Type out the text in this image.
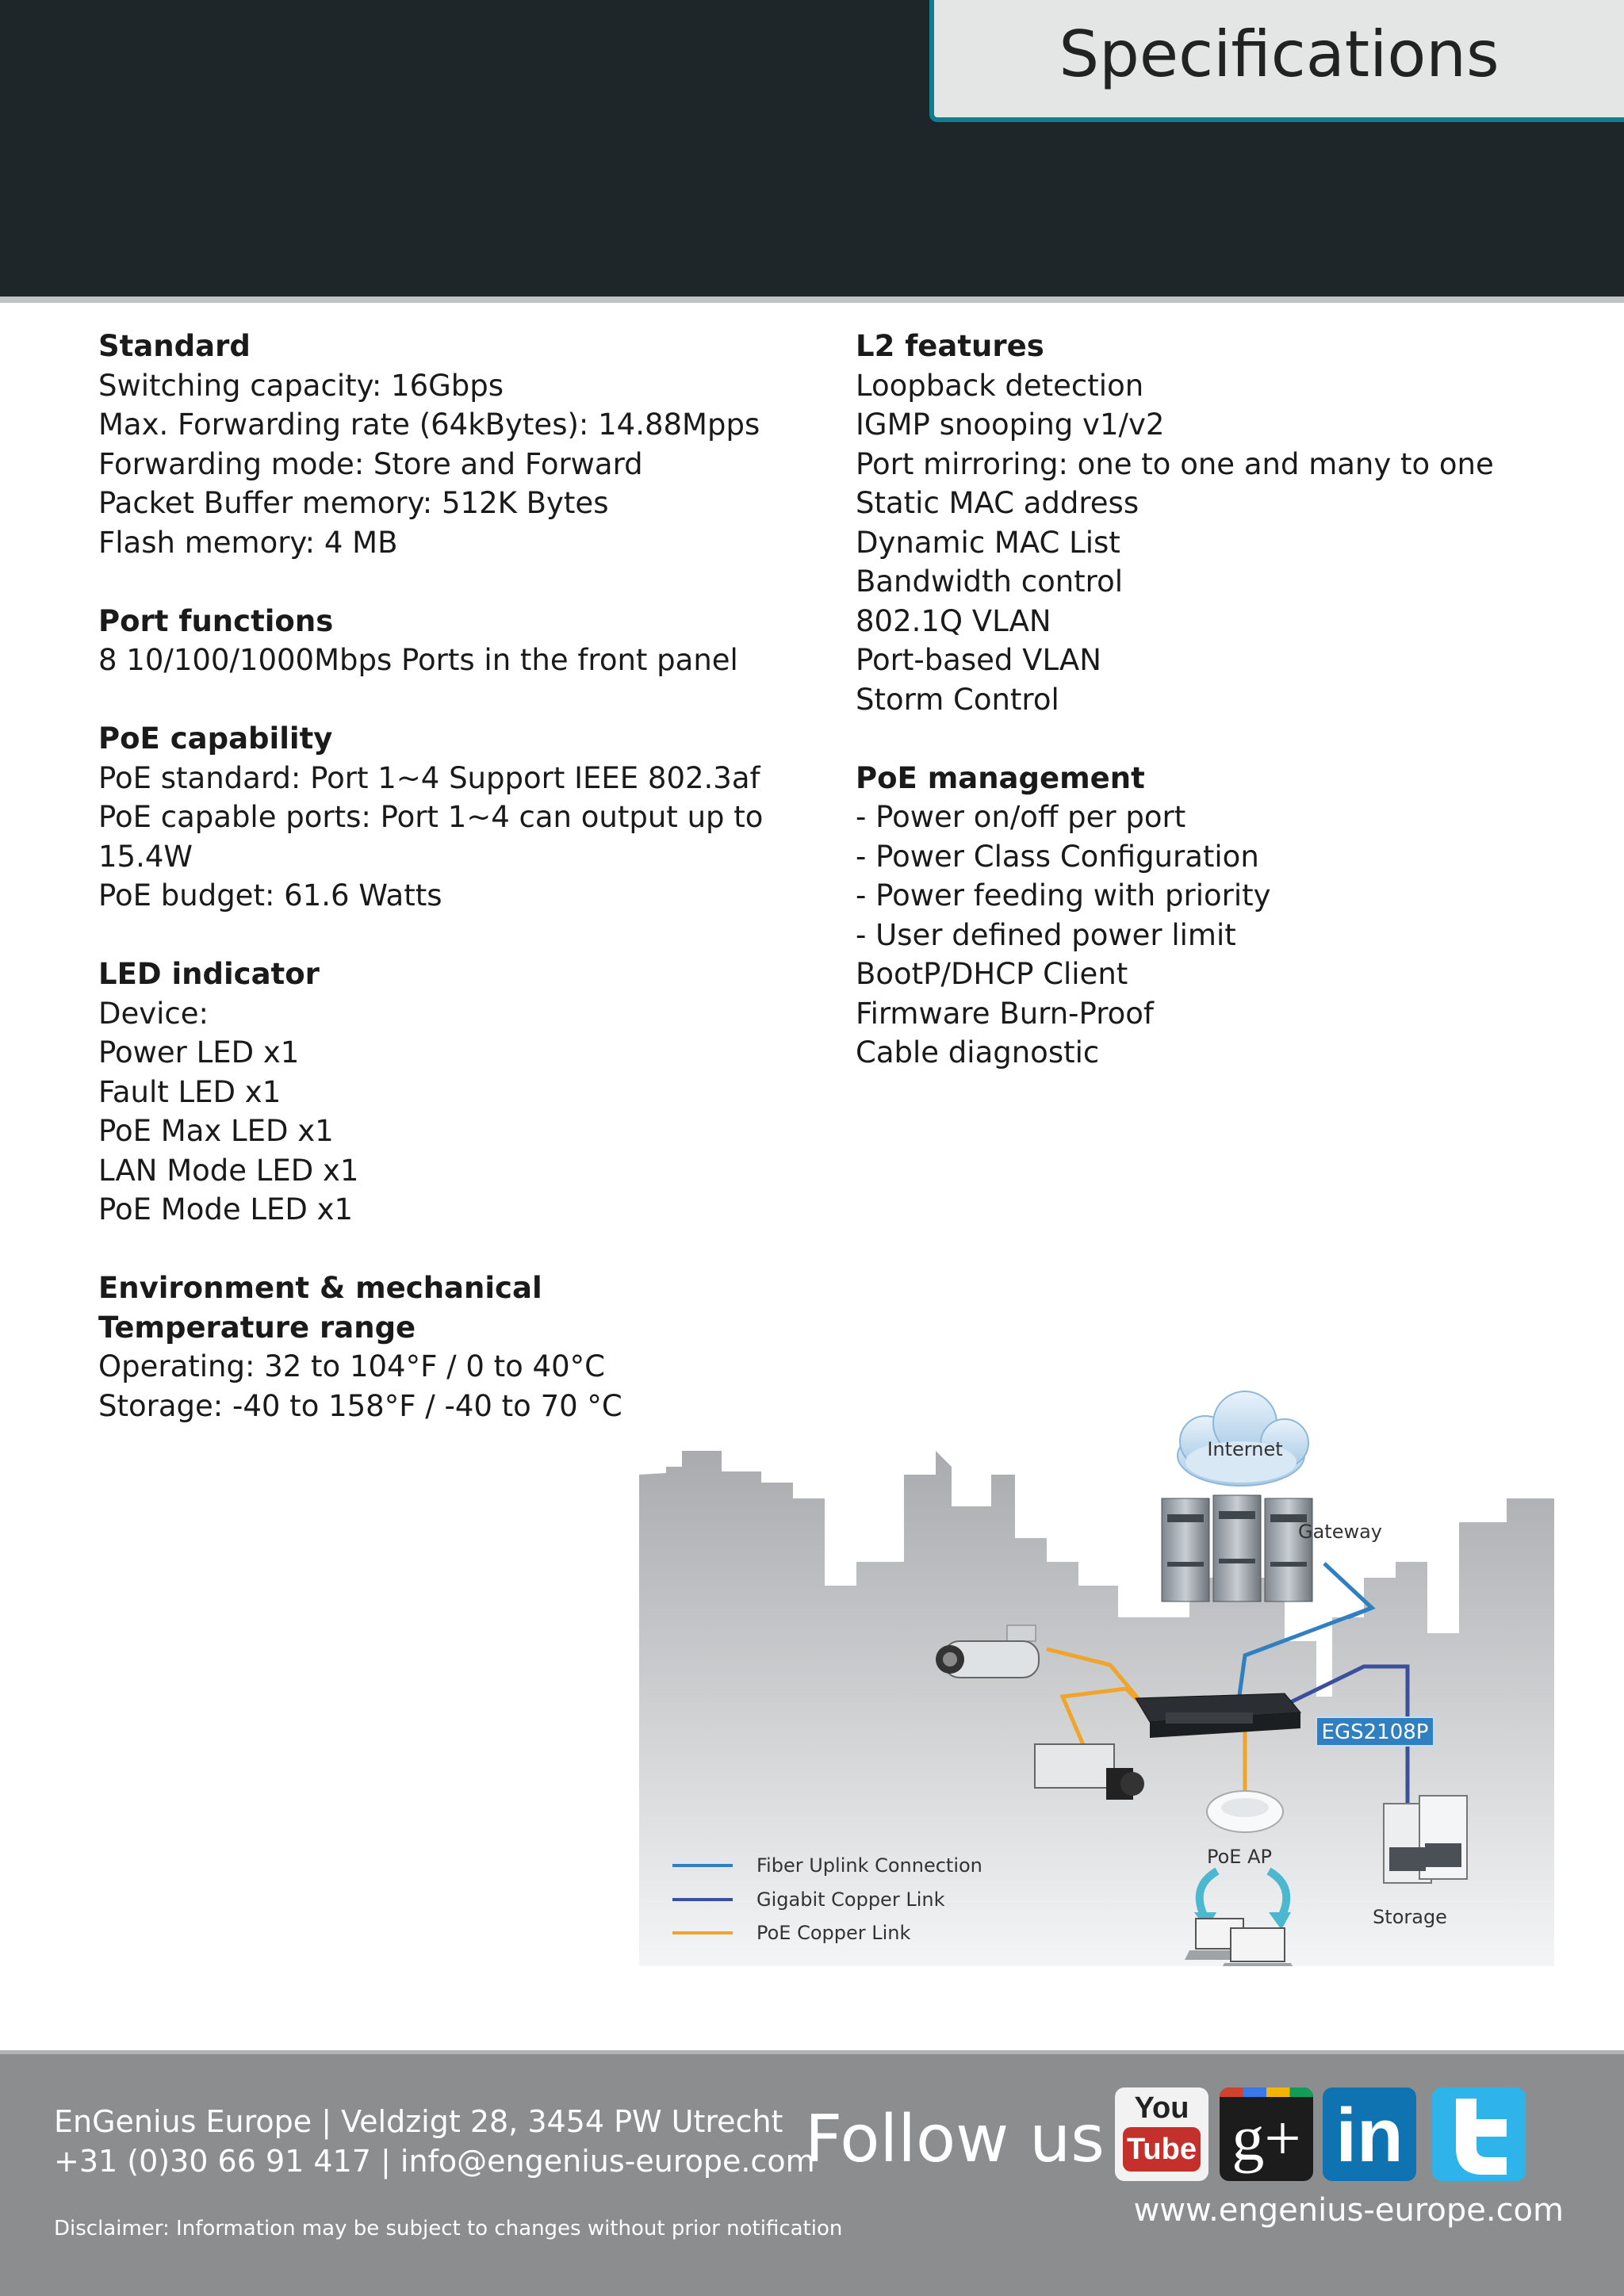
Specifications
Standard
Switching capacity: 16Gbps
Max. Forwarding rate (64kBytes): 14.88Mpps
Forwarding mode: Store and Forward
Packet Buffer memory: 512K Bytes
Flash memory: 4 MB
Port functions
8 10/100/1000Mbps Ports in the front panel
PoE capability
PoE standard: Port 1~4 Support IEEE 802.3af
PoE capable ports: Port 1~4 can output up to
15.4W
PoE budget: 61.6 Watts
LED indicator
Device:
Power LED x1
Fault LED x1
PoE Max LED x1
LAN Mode LED x1
PoE Mode LED x1
Environment & mechanical
Temperature range
Operating: 32 to 104°F / 0 to 40°C
Storage: -40 to 158°F / -40 to 70 °C
L2 features
Loopback detection
IGMP snooping v1/v2
Port mirroring: one to one and many to one
Static MAC address
Dynamic MAC List
Bandwidth control
802.1Q VLAN
Port-based VLAN
Storm Control
PoE management
- Power on/off per port
- Power Class Configuration
- Power feeding with priority
- User defined power limit
BootP/DHCP Client
Firmware Burn-Proof
Cable diagnostic
Internet
Gateway
EGS2108P
PoE AP
Storage
Fiber Uplink Connection
Gigabit Copper Link
PoE Copper Link
EnGenius Europe | Veldzigt 28, 3454 PW Utrecht
+31 (0)30 66 91 417 | info@engenius-europe.com
Disclaimer: Information may be subject to changes without prior notification
Follow us You
Tube g+ in
www.engenius-europe.com
